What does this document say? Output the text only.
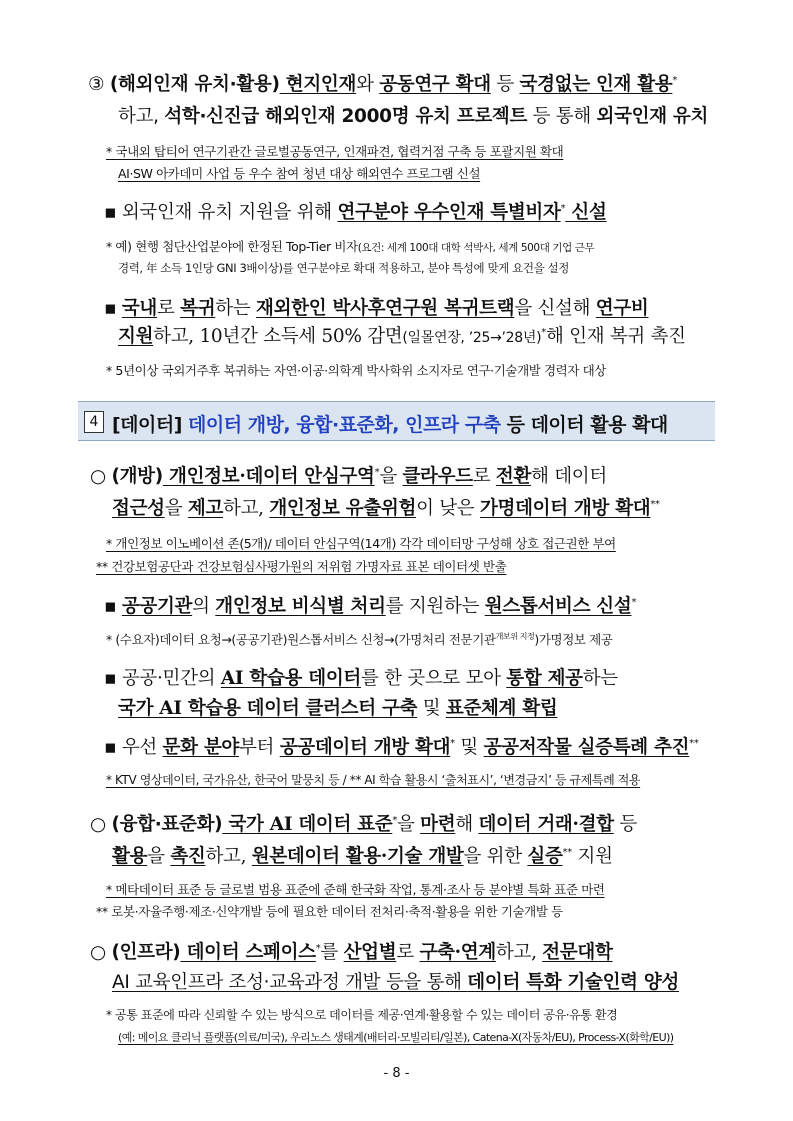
③ (해외인재 유치·활용) 현지인재와 공동연구 확대 등 국경없는 인재 활용*
하고, 석학·신진급 해외인재 2000명 유치 프로젝트 등 통해 외국인재 유치
* 국내외 탑티어 연구기관간 글로벌공동연구, 인재파견, 협력거점 구축 등 포괄지원 확대
AI·SW 아카데미 사업 등 우수 참여 청년 대상 해외연수 프로그램 신설
▪ 외국인재 유치 지원을 위해 연구분야 우수인재 특별비자* 신설
* 예) 현행 첨단산업분야에 한정된 Top-Tier 비자(요건: 세계 100대 대학 석박사, 세계 500대 기업 근무
경력, 年 소득 1인당 GNI 3배이상)를 연구분야로 확대 적용하고, 분야 특성에 맞게 요건을 설정
▪ 국내로 복귀하는 재외한인 박사후연구원 복귀트랙을 신설해 연구비
지원하고, 10년간 소득세 50% 감면(일몰연장, ’25→’28년)*해 인재 복귀 촉진
* 5년이상 국외거주후 복귀하는 자연·이공·의학계 박사학위 소지자로 연구·기술개발 경력자 대상
4 [데이터] 데이터 개방, 융합·표준화, 인프라 구축 등 데이터 활용 확대
○ (개방) 개인정보·데이터 안심구역*을 클라우드로 전환해 데이터
접근성을 제고하고, 개인정보 유출위험이 낮은 가명데이터 개방 확대**
* 개인정보 이노베이션 존(5개)/ 데이터 안심구역(14개) 각각 데이터망 구성해 상호 접근권한 부여
** 건강보험공단과 건강보험심사평가원의 저위험 가명자료 표본 데이터셋 반출
▪ 공공기관의 개인정보 비식별 처리를 지원하는 원스톱서비스 신설*
* (수요자)데이터 요청→(공공기관)원스톱서비스 신청→(가명처리 전문기관$^{개보위 지정}$)가명정보 제공
▪ 공공·민간의 AI 학습용 데이터를 한 곳으로 모아 통합 제공하는
국가 AI 학습용 데이터 클러스터 구축 및 표준체계 확립
▪ 우선 문화 분야부터 공공데이터 개방 확대* 및 공공저작물 실증특례 추진**
* KTV 영상데이터, 국가유산, 한국어 말뭉치 등 / ** AI 학습 활용시 ‘출처표시’, ‘변경금지’ 등 규제특례 적용
○ (융합·표준화) 국가 AI 데이터 표준*을 마련해 데이터 거래·결합 등
활용을 촉진하고, 원본데이터 활용·기술 개발을 위한 실증** 지원
* 메타데이터 표준 등 글로벌 범용 표준에 준해 한국화 작업, 통계·조사 등 분야별 특화 표준 마련
** 로봇·자율주행·제조·신약개발 등에 필요한 데이터 전처리·축적·활용을 위한 기술개발 등
○ (인프라) 데이터 스페이스*를 산업별로 구축·연계하고, 전문대학
AI 교육인프라 조성·교육과정 개발 등을 통해 데이터 특화 기술인력 양성
* 공통 표준에 따라 신뢰할 수 있는 방식으로 데이터를 제공·연계·활용할 수 있는 데이터 공유·유통 환경
(예: 메이요 클리닉 플랫폼(의료/미국), 우리노스 생태계(배터리·모빌리티/일본), Catena-X(자동차/EU), Process-X(화학/EU))
- 8 -
